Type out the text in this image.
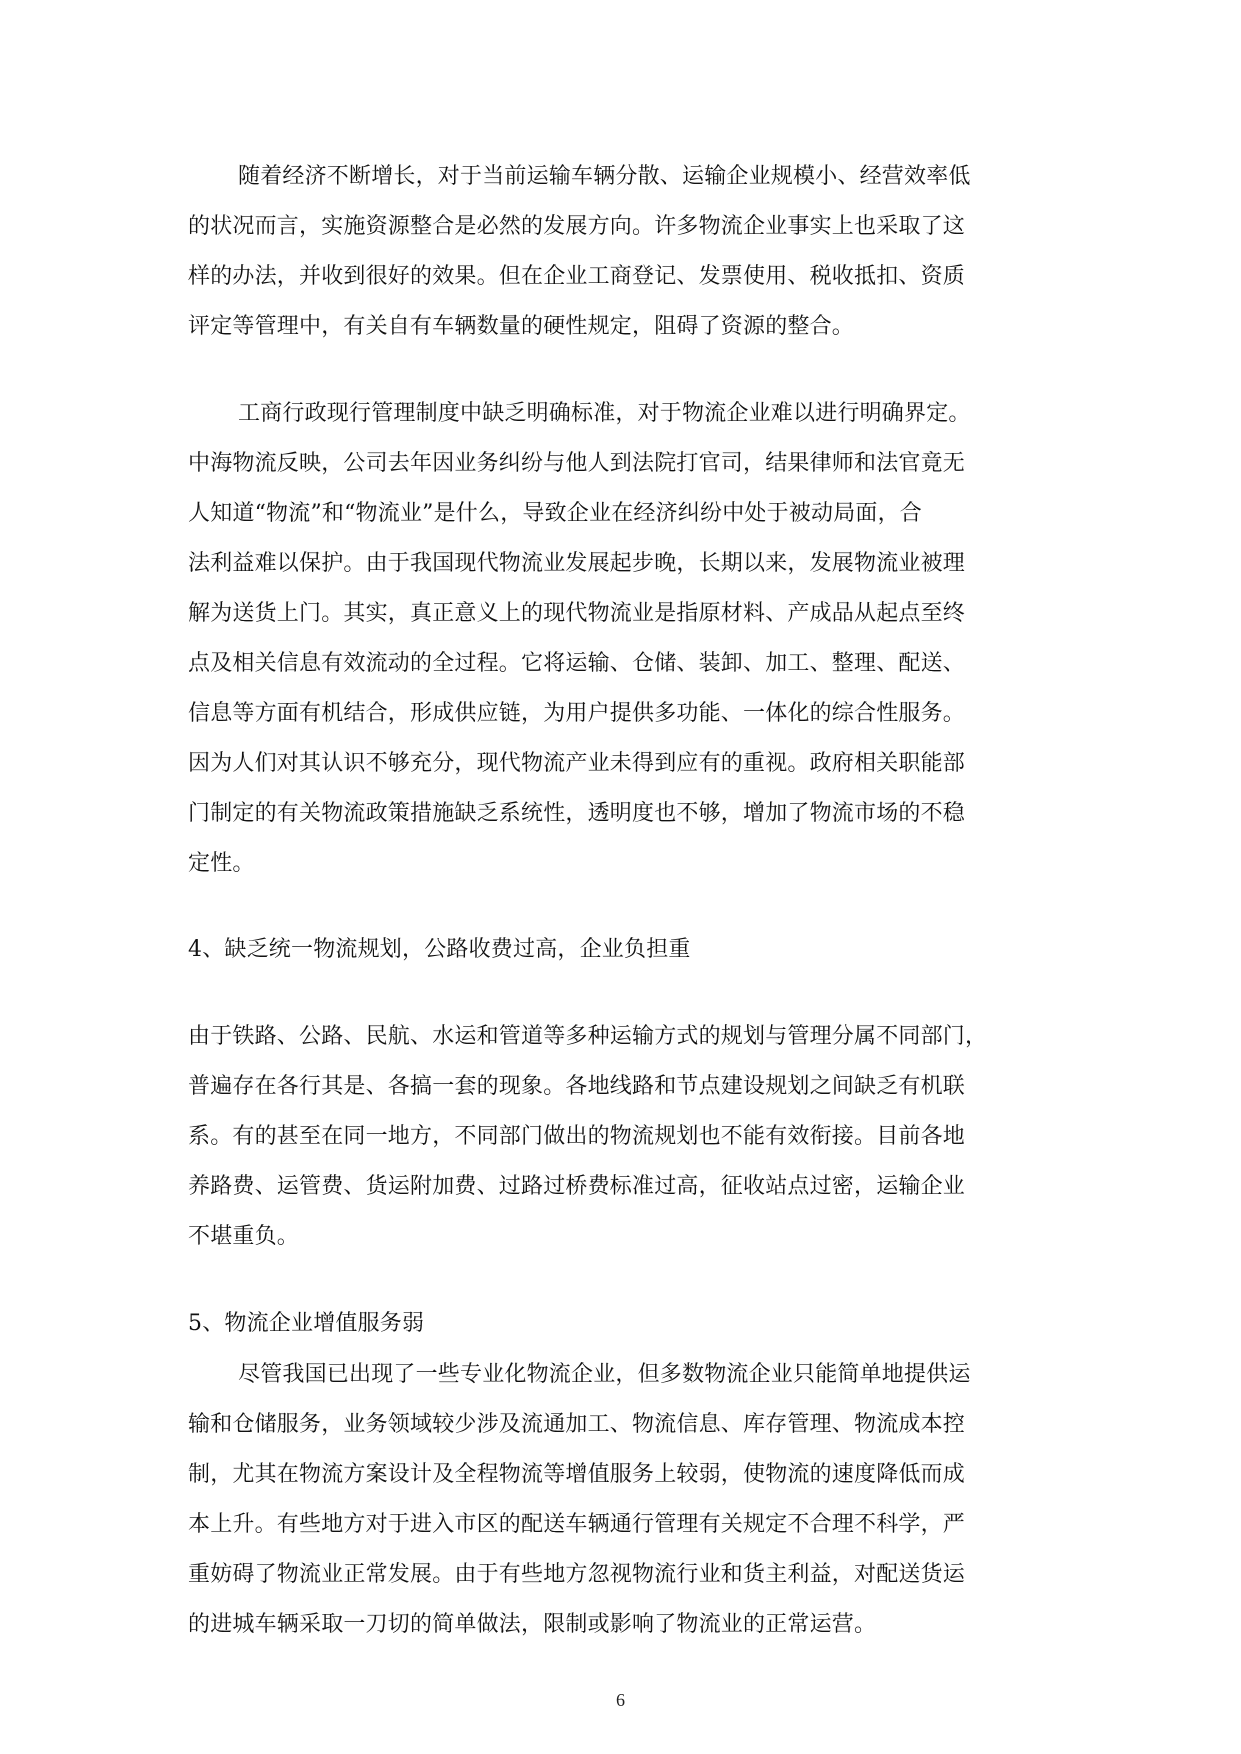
随着经济不断增长，对于当前运输车辆分散、运输企业规模小、经营效率低
的状况而言，实施资源整合是必然的发展方向。许多物流企业事实上也采取了这
样的办法，并收到很好的效果。但在企业工商登记、发票使用、税收抵扣、资质
评定等管理中，有关自有车辆数量的硬性规定，阻碍了资源的整合。
工商行政现行管理制度中缺乏明确标准，对于物流企业难以进行明确界定。
中海物流反映，公司去年因业务纠纷与他人到法院打官司，结果律师和法官竟无
人知道“物流”和“物流业”是什么，导致企业在经济纠纷中处于被动局面，合
法利益难以保护。由于我国现代物流业发展起步晚，长期以来，发展物流业被理
解为送货上门。其实，真正意义上的现代物流业是指原材料、产成品从起点至终
点及相关信息有效流动的全过程。它将运输、仓储、装卸、加工、整理、配送、
信息等方面有机结合，形成供应链，为用户提供多功能、一体化的综合性服务。
因为人们对其认识不够充分，现代物流产业未得到应有的重视。政府相关职能部
门制定的有关物流政策措施缺乏系统性，透明度也不够，增加了物流市场的不稳
定性。
4、缺乏统一物流规划，公路收费过高，企业负担重
由于铁路、公路、民航、水运和管道等多种运输方式的规划与管理分属不同部门，
普遍存在各行其是、各搞一套的现象。各地线路和节点建设规划之间缺乏有机联
系。有的甚至在同一地方，不同部门做出的物流规划也不能有效衔接。目前各地
养路费、运管费、货运附加费、过路过桥费标准过高，征收站点过密，运输企业
不堪重负。
5、物流企业增值服务弱
尽管我国已出现了一些专业化物流企业，但多数物流企业只能简单地提供运
输和仓储服务，业务领域较少涉及流通加工、物流信息、库存管理、物流成本控
制，尤其在物流方案设计及全程物流等增值服务上较弱，使物流的速度降低而成
本上升。有些地方对于进入市区的配送车辆通行管理有关规定不合理不科学，严
重妨碍了物流业正常发展。由于有些地方忽视物流行业和货主利益，对配送货运
的进城车辆采取一刀切的简单做法，限制或影响了物流业的正常运营。
6
